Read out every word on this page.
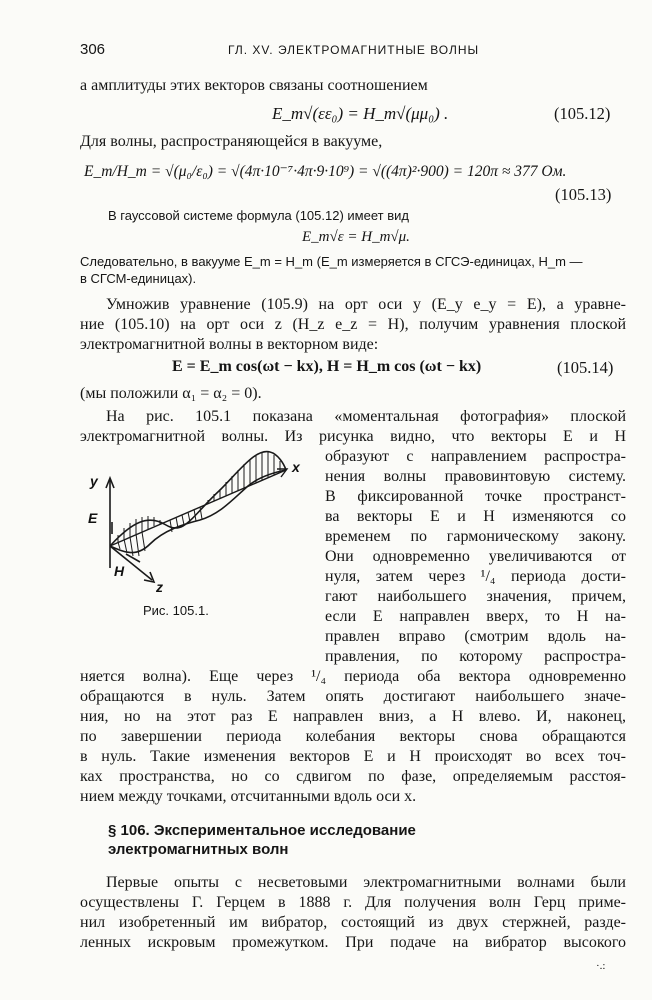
306	ГЛ. XV. ЭЛЕКТРОМАГНИТНЫЕ ВОЛНЫ
а амплитуды этих векторов связаны соотношением
E_m√(εε₀) = H_m√(μμ₀) .	(105.12)
Для волны, распространяющейся в вакууме,
E_m/H_m = √(μ₀/ε₀) = √(4π·10⁻⁷·4π·9·10⁹) = √((4π)²·900) = 120π ≈ 377 Ом.
(105.13)
В гауссовой системе формула (105.12) имеет вид
E_m√ε = H_m√μ.
Следовательно, в вакууме E_m = H_m (E_m измеряется в СГСЭ-единицах, H_m —
в СГСМ-единицах).
Умножив уравнение (105.9) на орт оси y (E_y e_y = E), а уравне-
ние (105.10) на орт оси z (H_z e_z = H), получим уравнения плоской
электромагнитной волны в векторном виде:
E = E_m cos(ωt − kx), H = H_m cos (ωt − kx)	(105.14)
(мы положили α₁ = α₂ = 0).
На рис. 105.1 показана «моментальная фотография» плоской
электромагнитной волны. Из рисунка видно, что векторы E и H
образуют с направлением распростра-
нения волны правовинтовую систему.
В фиксированной точке пространст-
ва векторы E и H изменяются со
временем по гармоническому закону.
Они одновременно увеличиваются от
нуля, затем через ¹/₄ периода дости-
гают наибольшего значения, причем,
если E направлен вверх, то H на-
правлен вправо (смотрим вдоль на-
правления, по которому распростра-
y
E
H
x
z
Рис. 105.1.
няется волна). Еще через ¹/₄ периода оба вектора одновременно
обращаются в нуль. Затем опять достигают наибольшего значе-
ния, но на этот раз E направлен вниз, а H влево. И, наконец,
по завершении периода колебания векторы снова обращаются
в нуль. Такие изменения векторов E и H происходят во всех точ-
ках пространства, но со сдвигом по фазе, определяемым расстоя-
нием между точками, отсчитанными вдоль оси x.
§ 106. Экспериментальное исследование
электромагнитных волн
Первые опыты с несветовыми электромагнитными волнами были
осуществлены Г. Герцем в 1888 г. Для получения волн Герц приме-
нил изобретенный им вибратор, состоящий из двух стержней, разде-
ленных искровым промежутком. При подаче на вибратор высокого
·.:
